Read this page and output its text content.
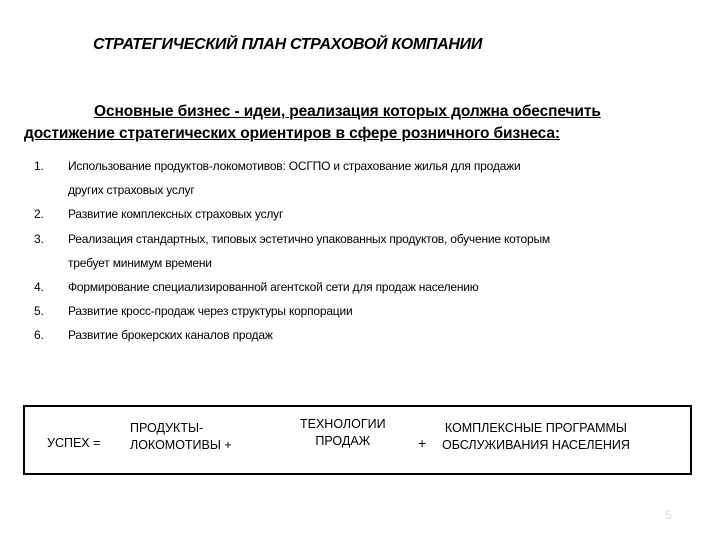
СТРАТЕГИЧЕСКИЙ ПЛАН СТРАХОВОЙ КОМПАНИИ
Основные бизнес - идеи, реализация которых должна обеспечить
достижение стратегических ориентиров в сфере розничного бизнеса:
1.	Использование продуктов-локомотивов: ОСГПО и страхование жилья для продажи
других страховых услуг
2.	Развитие комплексных страховых услуг
3.	Реализация стандартных, типовых эстетично упакованных продуктов, обучение которым
требует минимум времени
4.	Формирование специализированной агентской сети для продаж населению
5.	Развитие кросс-продаж через структуры корпорации
6.	Развитие брокерских каналов продаж
УСПЕХ =
ПРОДУКТЫ-
ЛОКОМОТИВЫ +
ТЕХНОЛОГИИ
ПРОДАЖ	+
КОМПЛЕКСНЫЕ ПРОГРАММЫ
ОБСЛУЖИВАНИЯ НАСЕЛЕНИЯ
5
